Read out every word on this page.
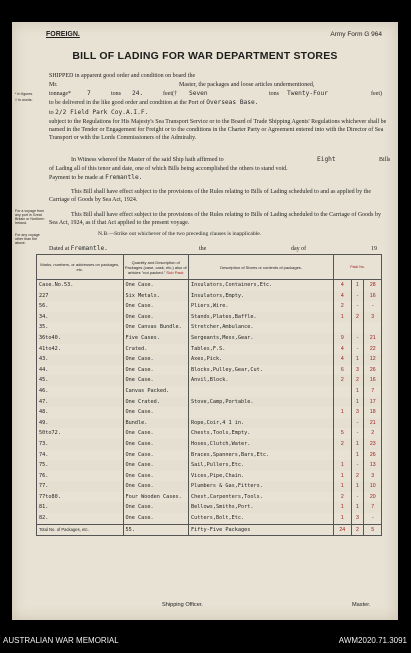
FOREIGN.	Army Form G 964
BILL OF LADING FOR WAR DEPARTMENT STORES
* In figures.
† In words.
For a voyage from any port in Great Britain or Northern Ireland.
For any voyage other than the above.
SHIPPED in apparent good order and condition on board the
Mr.	Master, the packages and loose articles undermentioned,
tonnage*	7	tons 24.	feet(† Seven	tons Twenty-Four	feet)
to be delivered in the like good order and condition at the Port of Overseas Base.
to 2/2 Field Park Coy.A.I.F.
subject to the Regulations for His Majesty's Sea Transport Service or to the Board of Trade Shipping Agents' Regulations whichever shall be named in the Tender or Engagement for Freight or to the conditions in the Charter Party or Agreement entered into with the Director of Sea Transport or with the Lords Commissioners of the Admiralty.
In Witness whereof the Master of the said Ship hath affirmed to	Eight	Bills
of Lading all of this tenor and date, one of which Bills being accomplished the others to stand void.
Payment to be made at Fremantle.
This Bill shall have effect subject to the provisions of the Rules relating to Bills of Lading scheduled to and as applied by the Carriage of Goods by Sea Act, 1924.
This Bill shall have effect subject to the provisions of the Rules relating to Bills of Lading scheduled to the Carriage of Goods by Sea Act, 1924, as if that Act applied to the present voyage.
N.B.—Strike out whichever of the two preceding clauses is inapplicable.
Dated at Fremantle.	the	day of	19
Marks, numbers, or addresses on packages, etc.	Quantity and Description of Packages (case, cask, etc.) also of articles "not packed." Sub Pack	Description of Stores or contents of packages.	Pack No.		
Case.No.53.	One Case.	Insulators,Containers,Etc.	4	1	28
227	Six Metals.	Insulators,Empty.	4	-	16
56.	One Case.	Pliers,Wire.	2	-	-
34.	One Case.	Stands,Plates,Baffle.	1	2	3
35.	One Canvas Bundle.	Stretcher,Ambulance.			
36to40.	Five Cases.	Sergeants,Mess,Gear.	9	-	21
41to42.	Crated.	Tables,F.S.	4	-	22
43.	One Case.	Axes,Pick.	4	1	12
44.	One Case.	Blocks,Pulley,Gear,Cut.	6	3	26
45.	One Case.	Anvil,Block.	2	2	16
46.	Canvas Packed.			1	7
47.	One Crated.	Stove,Camp,Portable.		1	17
48.	One Case.		1	3	18
49.	Bundle.	Rope,Coir,4 1 in.		-	21
50to72.	One Case.	Chests,Tools,Empty.	5	-	2
73.	One Case.	Hoses,Clutch,Water.	2	1	23
74.	One Case.	Braces,Spanners,Bars,Etc.		1	26
75.	One Case.	Sail,Pullers,Etc.	1	-	13
76.	One Case.	Vices,Pipe,Chain.	1	2	3
77.	One Case.	Plumbers & Gas,Fitters.	1	1	10
77to80.	Four Wooden Cases.	Chest,Carpenters,Tools.	2	-	20
81.	One Case.	Bellows,Smiths,Port.	1	1	7
82.	One Case.	Cutters,Bolt,Etc.	1	3	-
Total No. of Packages, etc.	55.	Fifty-Five Packages	24	2	5
Shipping Officer.	Master.
AUSTRALIAN WAR MEMORIAL	AWM2020.71.3091
